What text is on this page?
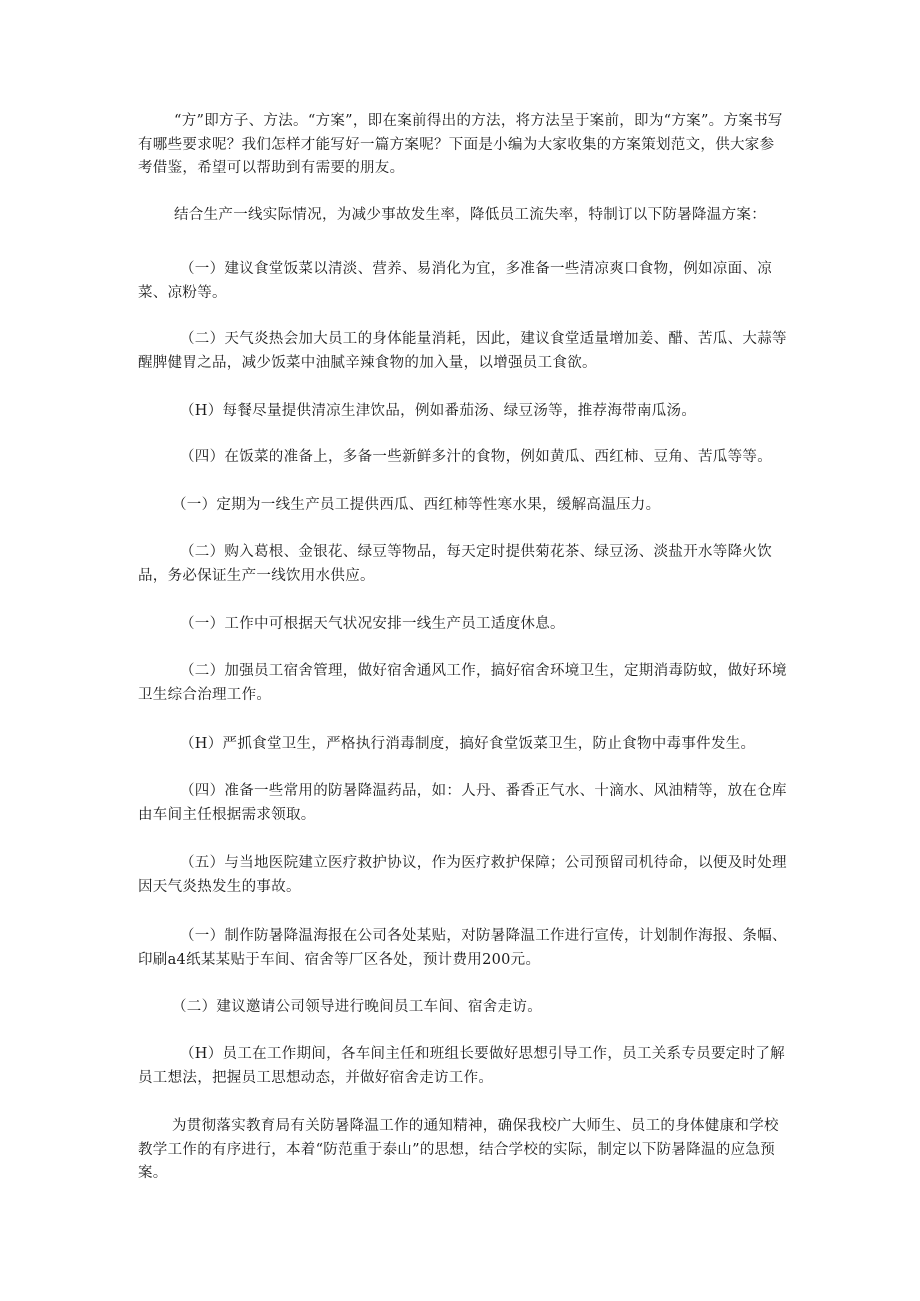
“方”即方子、方法。“方案”，即在案前得出的方法，将方法呈于案前，即为“方案”。方案书写有哪些要求呢？我们怎样才能写好一篇方案呢？下面是小编为大家收集的方案策划范文，供大家参考借鉴，希望可以帮助到有需要的朋友。

结合生产一线实际情况，为减少事故发生率，降低员工流失率，特制订以下防暑降温方案：

（一）建议食堂饭菜以清淡、营养、易消化为宜，多准备一些清凉爽口食物，例如凉面、凉菜、凉粉等。

（二）天气炎热会加大员工的身体能量消耗，因此，建议食堂适量增加姜、醋、苦瓜、大蒜等醒脾健胃之品，减少饭菜中油腻辛辣食物的加入量，以增强员工食欲。

（H）每餐尽量提供清凉生津饮品，例如番茄汤、绿豆汤等，推荐海带南瓜汤。

（四）在饭菜的准备上，多备一些新鲜多汁的食物，例如黄瓜、西红柿、豆角、苦瓜等等。

（一）定期为一线生产员工提供西瓜、西红柿等性寒水果，缓解高温压力。

（二）购入葛根、金银花、绿豆等物品，每天定时提供菊花茶、绿豆汤、淡盐开水等降火饮品，务必保证生产一线饮用水供应。

（一）工作中可根据天气状况安排一线生产员工适度休息。

（二）加强员工宿舍管理，做好宿舍通风工作，搞好宿舍环境卫生，定期消毒防蚊，做好环境卫生综合治理工作。

（H）严抓食堂卫生，严格执行消毒制度，搞好食堂饭菜卫生，防止食物中毒事件发生。

（四）准备一些常用的防暑降温药品，如：人丹、番香正气水、十滴水、风油精等，放在仓库由车间主任根据需求领取。

（五）与当地医院建立医疗救护协议，作为医疗救护保障；公司预留司机待命，以便及时处理因天气炎热发生的事故。

（一）制作防暑降温海报在公司各处某贴，对防暑降温工作进行宣传，计划制作海报、条幅、印刷a4纸某某贴于车间、宿舍等厂区各处，预计费用200元。

（二）建议邀请公司领导进行晚间员工车间、宿舍走访。

（H）员工在工作期间，各车间主任和班组长要做好思想引导工作，员工关系专员要定时了解员工想法，把握员工思想动态，并做好宿舍走访工作。

为贯彻落实教育局有关防暑降温工作的通知精神，确保我校广大师生、员工的身体健康和学校教学工作的有序进行，本着“防范重于泰山”的思想，结合学校的实际，制定以下防暑降温的应急预案。
